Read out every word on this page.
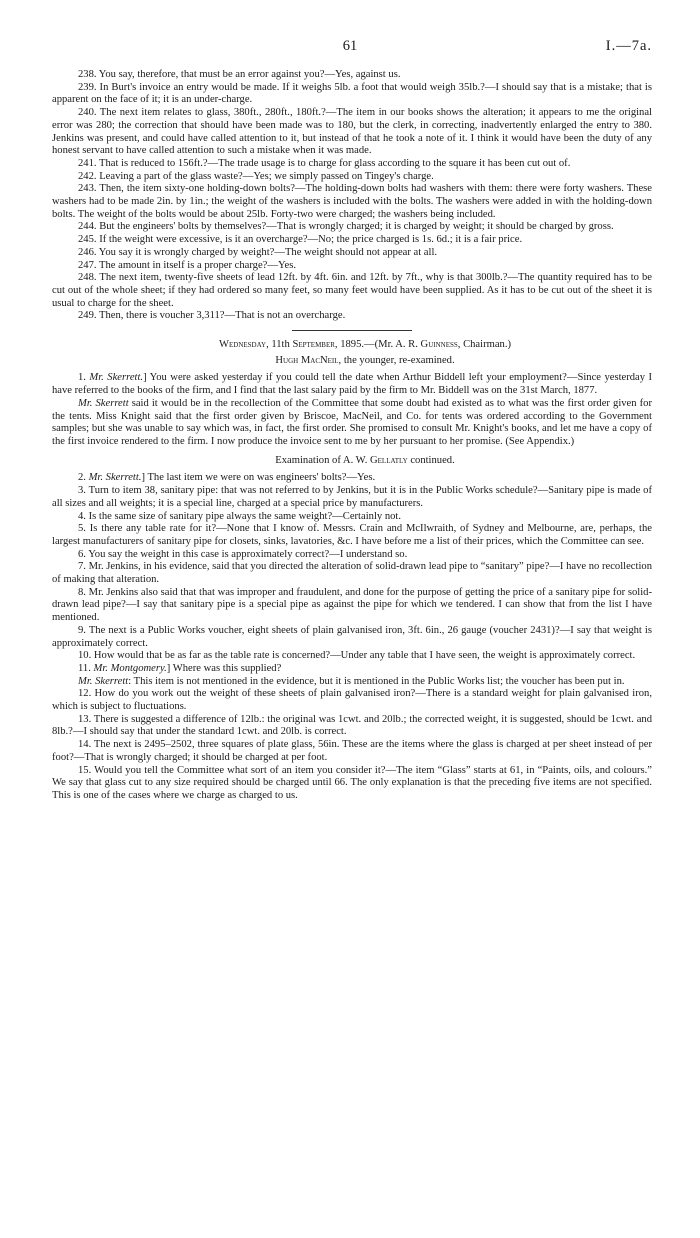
61	I.—7a.

238. You say, therefore, that must be an error against you?—Yes, against us.

239. In Burt's invoice an entry would be made. If it weighs 5lb. a foot that would weigh 35lb.?—I should say that is a mistake; that is apparent on the face of it; it is an under-charge.

240. The next item relates to glass, 380ft., 280ft., 180ft.?—The item in our books shows the alteration; it appears to me the original error was 280; the correction that should have been made was to 180, but the clerk, in correcting, inadvertently enlarged the entry to 380. Jenkins was present, and could have called attention to it, but instead of that he took a note of it. I think it would have been the duty of any honest servant to have called attention to such a mistake when it was made.

241. That is reduced to 156ft.?—The trade usage is to charge for glass according to the square it has been cut out of.

242. Leaving a part of the glass waste?—Yes; we simply passed on Tingey's charge.

243. Then, the item sixty-one holding-down bolts?—The holding-down bolts had washers with them: there were forty washers. These washers had to be made 2in. by 1in.; the weight of the washers is included with the bolts. The washers were added in with the holding-down bolts. The weight of the bolts would be about 25lb. Forty-two were charged; the washers being included.

244. But the engineers' bolts by themselves?—That is wrongly charged; it is charged by weight; it should be charged by gross.

245. If the weight were excessive, is it an overcharge?—No; the price charged is 1s. 6d.; it is a fair price.

246. You say it is wrongly charged by weight?—The weight should not appear at all.

247. The amount in itself is a proper charge?—Yes.

248. The next item, twenty-five sheets of lead 12ft. by 4ft. 6in. and 12ft. by 7ft., why is that 300lb.?—The quantity required has to be cut out of the whole sheet; if they had ordered so many feet, so many feet would have been supplied. As it has to be cut out of the sheet it is usual to charge for the sheet.

249. Then, there is voucher 3,311?—That is not an overcharge.

Wednesday, 11th September, 1895.—(Mr. A. R. Guinness, Chairman.)

Hugh MacNeil, the younger, re-examined.

1. Mr. Skerrett.] You were asked yesterday if you could tell the date when Arthur Biddell left your employment?—Since yesterday I have referred to the books of the firm, and I find that the last salary paid by the firm to Mr. Biddell was on the 31st March, 1877.

Mr. Skerrett said it would be in the recollection of the Committee that some doubt had existed as to what was the first order given for the tents. Miss Knight said that the first order given by Briscoe, MacNeil, and Co. for tents was ordered according to the Government samples; but she was unable to say which was, in fact, the first order. She promised to consult Mr. Knight's books, and let me have a copy of the first invoice rendered to the firm. I now produce the invoice sent to me by her pursuant to her promise. (See Appendix.)

Examination of A. W. Gellatly continued.

2. Mr. Skerrett.] The last item we were on was engineers' bolts?—Yes.

3. Turn to item 38, sanitary pipe: that was not referred to by Jenkins, but it is in the Public Works schedule?—Sanitary pipe is made of all sizes and all weights; it is a special line, charged at a special price by manufacturers.

4. Is the same size of sanitary pipe always the same weight?—Certainly not.

5. Is there any table rate for it?—None that I know of. Messrs. Crain and McIlwraith, of Sydney and Melbourne, are, perhaps, the largest manufacturers of sanitary pipe for closets, sinks, lavatories, &c. I have before me a list of their prices, which the Committee can see.

6. You say the weight in this case is approximately correct?—I understand so.

7. Mr. Jenkins, in his evidence, said that you directed the alteration of solid-drawn lead pipe to “sanitary” pipe?—I have no recollection of making that alteration.

8. Mr. Jenkins also said that that was improper and fraudulent, and done for the purpose of getting the price of a sanitary pipe for solid-drawn lead pipe?—I say that sanitary pipe is a special pipe as against the pipe for which we tendered. I can show that from the list I have mentioned.

9. The next is a Public Works voucher, eight sheets of plain galvanised iron, 3ft. 6in., 26 gauge (voucher 2431)?—I say that weight is approximately correct.

10. How would that be as far as the table rate is concerned?—Under any table that I have seen, the weight is approximately correct.

11. Mr. Montgomery.] Where was this supplied?

Mr. Skerrett: This item is not mentioned in the evidence, but it is mentioned in the Public Works list; the voucher has been put in.

12. How do you work out the weight of these sheets of plain galvanised iron?—There is a standard weight for plain galvanised iron, which is subject to fluctuations.

13. There is suggested a difference of 12lb.: the original was 1cwt. and 20lb.; the corrected weight, it is suggested, should be 1cwt. and 8lb.?—I should say that under the standard 1cwt. and 20lb. is correct.

14. The next is 2495–2502, three squares of plate glass, 56in. These are the items where the glass is charged at per sheet instead of per foot?—That is wrongly charged; it should be charged at per foot.

15. Would you tell the Committee what sort of an item you consider it?—The item “Glass” starts at 61, in “Paints, oils, and colours.” We say that glass cut to any size required should be charged until 66. The only explanation is that the preceding five items are not specified. This is one of the cases where we charge as charged to us.
